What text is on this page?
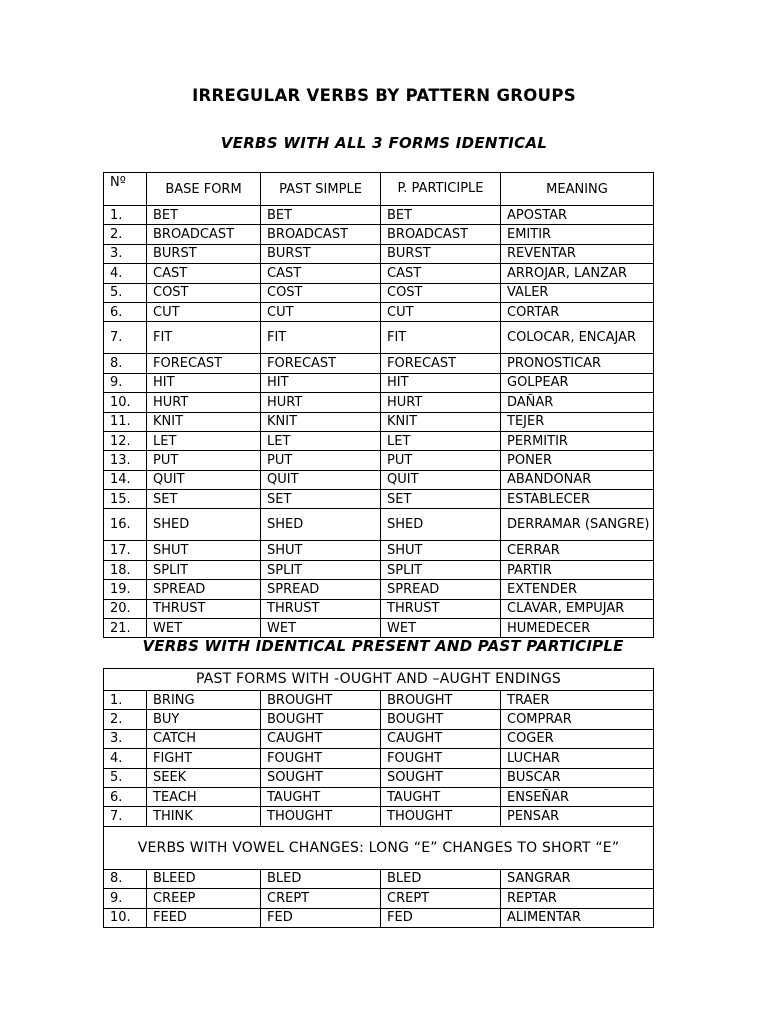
IRREGULAR VERBS BY PATTERN GROUPS
VERBS WITH ALL 3 FORMS IDENTICAL
Nº	BASE FORM	PAST SIMPLE	P. PARTICIPLE	MEANING
1.	BET	BET	BET	APOSTAR
2.	BROADCAST	BROADCAST	BROADCAST	EMITIR
3.	BURST	BURST	BURST	REVENTAR
4.	CAST	CAST	CAST	ARROJAR, LANZAR
5.	COST	COST	COST	VALER
6.	CUT	CUT	CUT	CORTAR
7.	FIT	FIT	FIT	COLOCAR, ENCAJAR
8.	FORECAST	FORECAST	FORECAST	PRONOSTICAR
9.	HIT	HIT	HIT	GOLPEAR
10.	HURT	HURT	HURT	DAÑAR
11.	KNIT	KNIT	KNIT	TEJER
12.	LET	LET	LET	PERMITIR
13.	PUT	PUT	PUT	PONER
14.	QUIT	QUIT	QUIT	ABANDONAR
15.	SET	SET	SET	ESTABLECER
16.	SHED	SHED	SHED	DERRAMAR (SANGRE)
17.	SHUT	SHUT	SHUT	CERRAR
18.	SPLIT	SPLIT	SPLIT	PARTIR
19.	SPREAD	SPREAD	SPREAD	EXTENDER
20.	THRUST	THRUST	THRUST	CLAVAR, EMPUJAR
21.	WET	WET	WET	HUMEDECER
VERBS WITH IDENTICAL PRESENT AND PAST PARTICIPLE
PAST FORMS WITH -OUGHT AND –AUGHT ENDINGS				
1.	BRING	BROUGHT	BROUGHT	TRAER
2.	BUY	BOUGHT	BOUGHT	COMPRAR
3.	CATCH	CAUGHT	CAUGHT	COGER
4.	FIGHT	FOUGHT	FOUGHT	LUCHAR
5.	SEEK	SOUGHT	SOUGHT	BUSCAR
6.	TEACH	TAUGHT	TAUGHT	ENSEÑAR
7.	THINK	THOUGHT	THOUGHT	PENSAR
VERBS WITH VOWEL CHANGES: LONG “E” CHANGES TO SHORT “E”				
8.	BLEED	BLED	BLED	SANGRAR
9.	CREEP	CREPT	CREPT	REPTAR
10.	FEED	FED	FED	ALIMENTAR
